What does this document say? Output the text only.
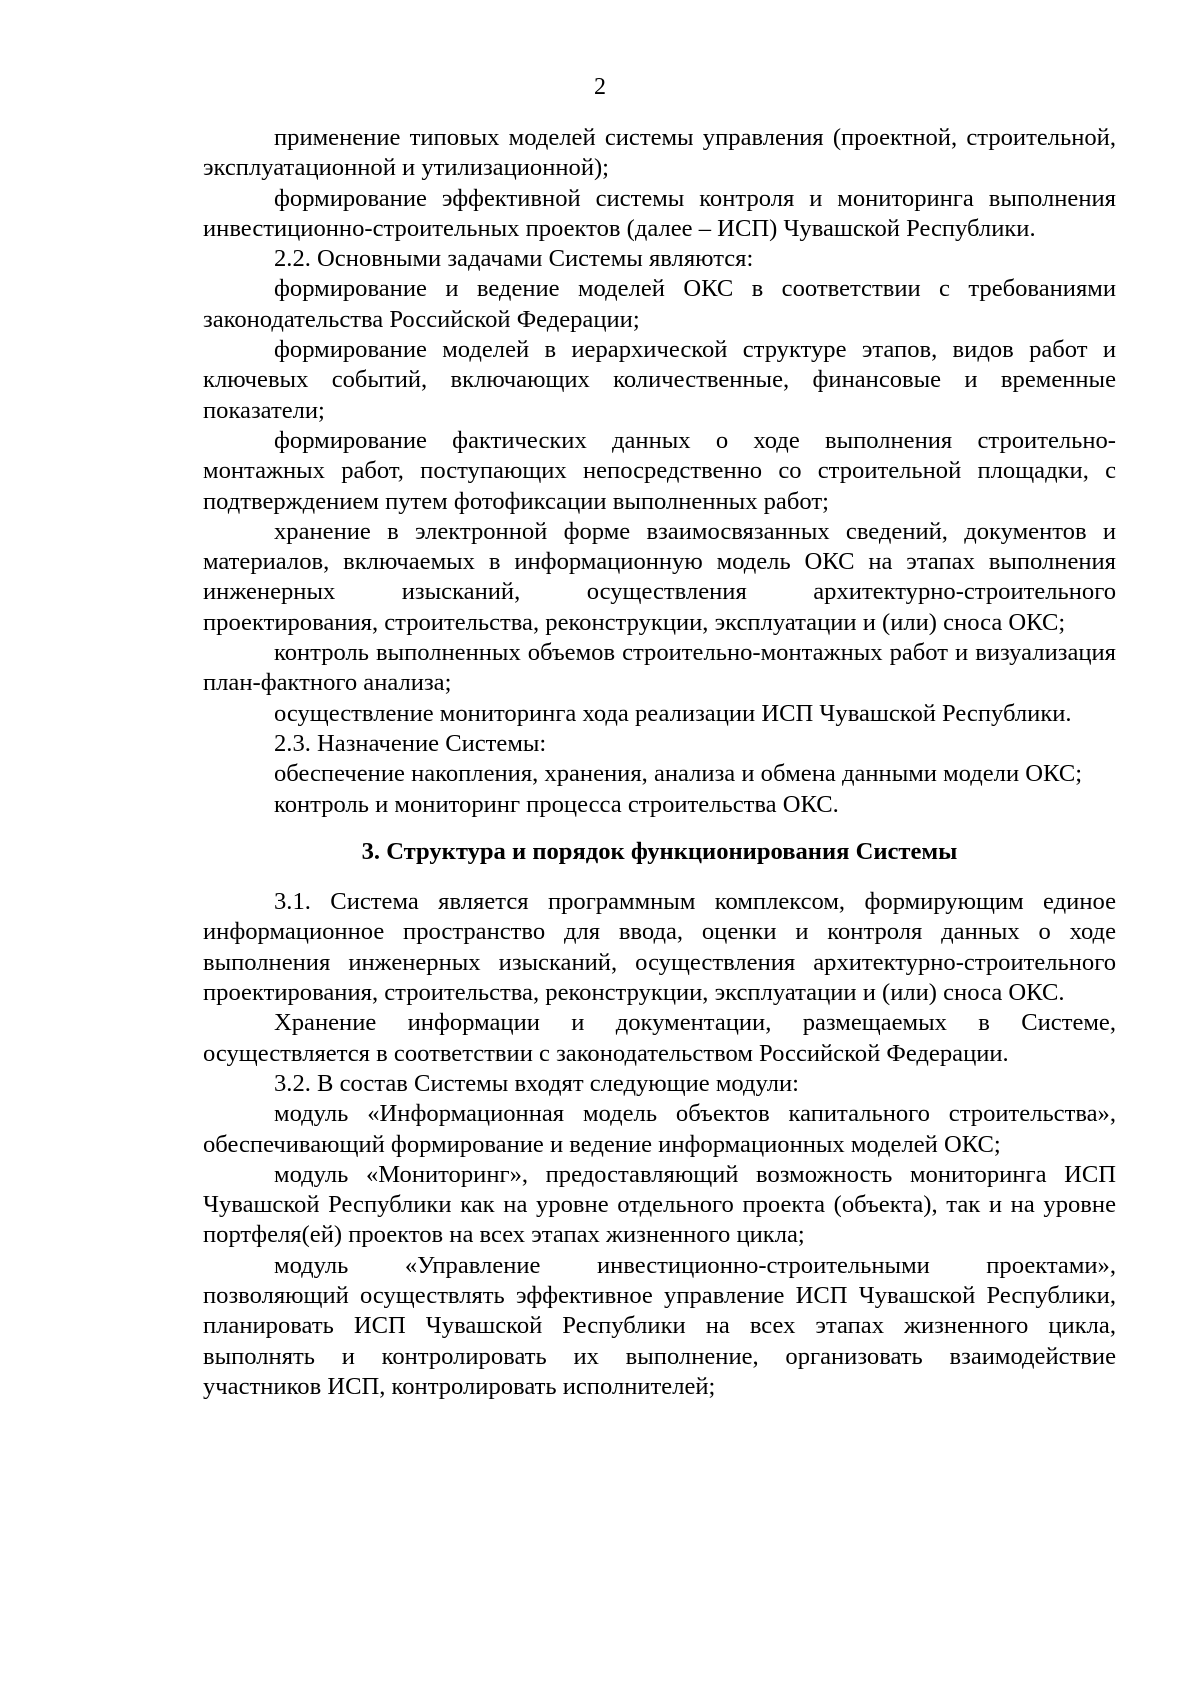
2

применение типовых моделей системы управления (проектной, строительной, эксплуатационной и утилизационной);

формирование эффективной системы контроля и мониторинга выполнения инвестиционно-строительных проектов (далее – ИСП) Чувашской Республики.

2.2. Основными задачами Системы являются:

формирование и ведение моделей ОКС в соответствии с требованиями законодательства Российской Федерации;

формирование моделей в иерархической структуре этапов, видов работ и ключевых событий, включающих количественные, финансовые и временные показатели;

формирование фактических данных о ходе выполнения строительно-монтажных работ, поступающих непосредственно со строительной площадки, с подтверждением путем фотофиксации выполненных работ;

хранение в электронной форме взаимосвязанных сведений, документов и материалов, включаемых в информационную модель ОКС на этапах выполнения инженерных изысканий, осуществления архитектурно-строительного проектирования, строительства, реконструкции, эксплуатации и (или) сноса ОКС;

контроль выполненных объемов строительно-монтажных работ и визуализация план-фактного анализа;

осуществление мониторинга хода реализации ИСП Чувашской Республики.

2.3. Назначение Системы:

обеспечение накопления, хранения, анализа и обмена данными модели ОКС;

контроль и мониторинг процесса строительства ОКС.

3. Структура и порядок функционирования Системы

3.1. Система является программным комплексом, формирующим единое информационное пространство для ввода, оценки и контроля данных о ходе выполнения инженерных изысканий, осуществления архитектурно-строительного проектирования, строительства, реконструкции, эксплуатации и (или) сноса ОКС.

Хранение информации и документации, размещаемых в Системе, осуществляется в соответствии с законодательством Российской Федерации.

3.2. В состав Системы входят следующие модули:

модуль «Информационная модель объектов капитального строительства», обеспечивающий формирование и ведение информационных моделей ОКС;

модуль «Мониторинг», предоставляющий возможность мониторинга ИСП Чувашской Республики как на уровне отдельного проекта (объекта), так и на уровне портфеля(ей) проектов на всех этапах жизненного цикла;

модуль «Управление инвестиционно-строительными проектами», позволяющий осуществлять эффективное управление ИСП Чувашской Республики, планировать ИСП Чувашской Республики на всех этапах жизненного цикла, выполнять и контролировать их выполнение, организовать взаимодействие участников ИСП, контролировать исполнителей;
